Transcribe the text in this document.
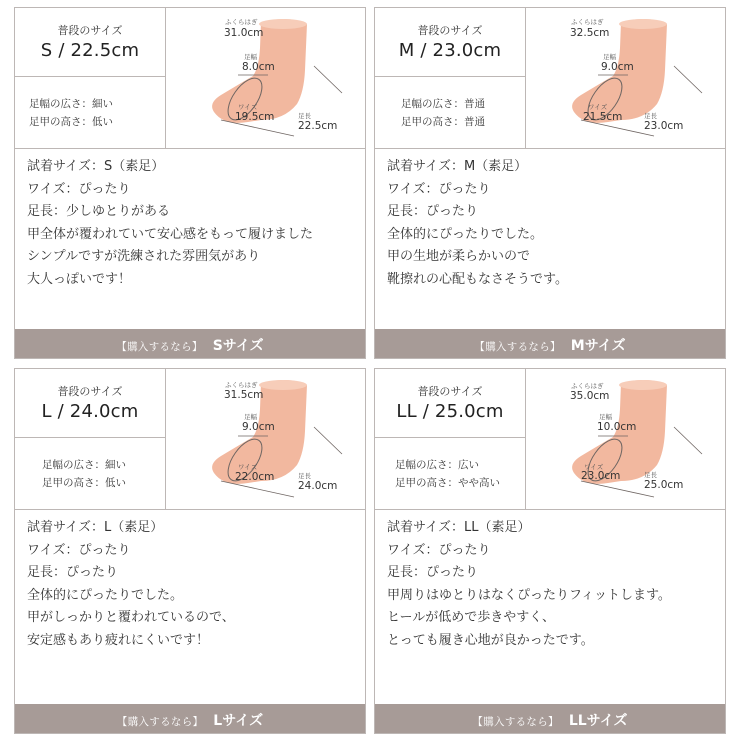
普段のサイズ
S / 22.5cm
足幅の広さ：細い
足甲の高さ：低い
ふくらはぎ
31.0cm
足幅
8.0cm
ワイズ
19.5cm	足長
22.5cm
試着サイズ：S（素足）
ワイズ：ぴったり
足長：少しゆとりがある
甲全体が覆われていて安心感をもって履けました
シンプルですが洗練された雰囲気があり
大人っぽいです！
【購入するなら】 Sサイズ
普段のサイズ
M / 23.0cm
足幅の広さ：普通
足甲の高さ：普通
ふくらはぎ
32.5cm
足幅
9.0cm
ワイズ
21.5cm	足長
23.0cm
試着サイズ：M（素足）
ワイズ：ぴったり
足長：ぴったり
全体的にぴったりでした。
甲の生地が柔らかいので
靴擦れの心配もなさそうです。
【購入するなら】 Mサイズ
普段のサイズ
L / 24.0cm
足幅の広さ：細い
足甲の高さ：低い
ふくらはぎ
31.5cm
足幅
9.0cm
ワイズ
22.0cm	足長
24.0cm
試着サイズ：L（素足）
ワイズ：ぴったり
足長：ぴったり
全体的にぴったりでした。
甲がしっかりと覆われているので、
安定感もあり疲れにくいです！
【購入するなら】 Lサイズ
普段のサイズ
LL / 25.0cm
足幅の広さ：広い
足甲の高さ：やや高い
ふくらはぎ
35.0cm
足幅
10.0cm
ワイズ
23.0cm	足長
25.0cm
試着サイズ：LL（素足）
ワイズ：ぴったり
足長：ぴったり
甲周りはゆとりはなくぴったりフィットします。
ヒールが低めで歩きやすく、
とっても履き心地が良かったです。
【購入するなら】 LLサイズ
